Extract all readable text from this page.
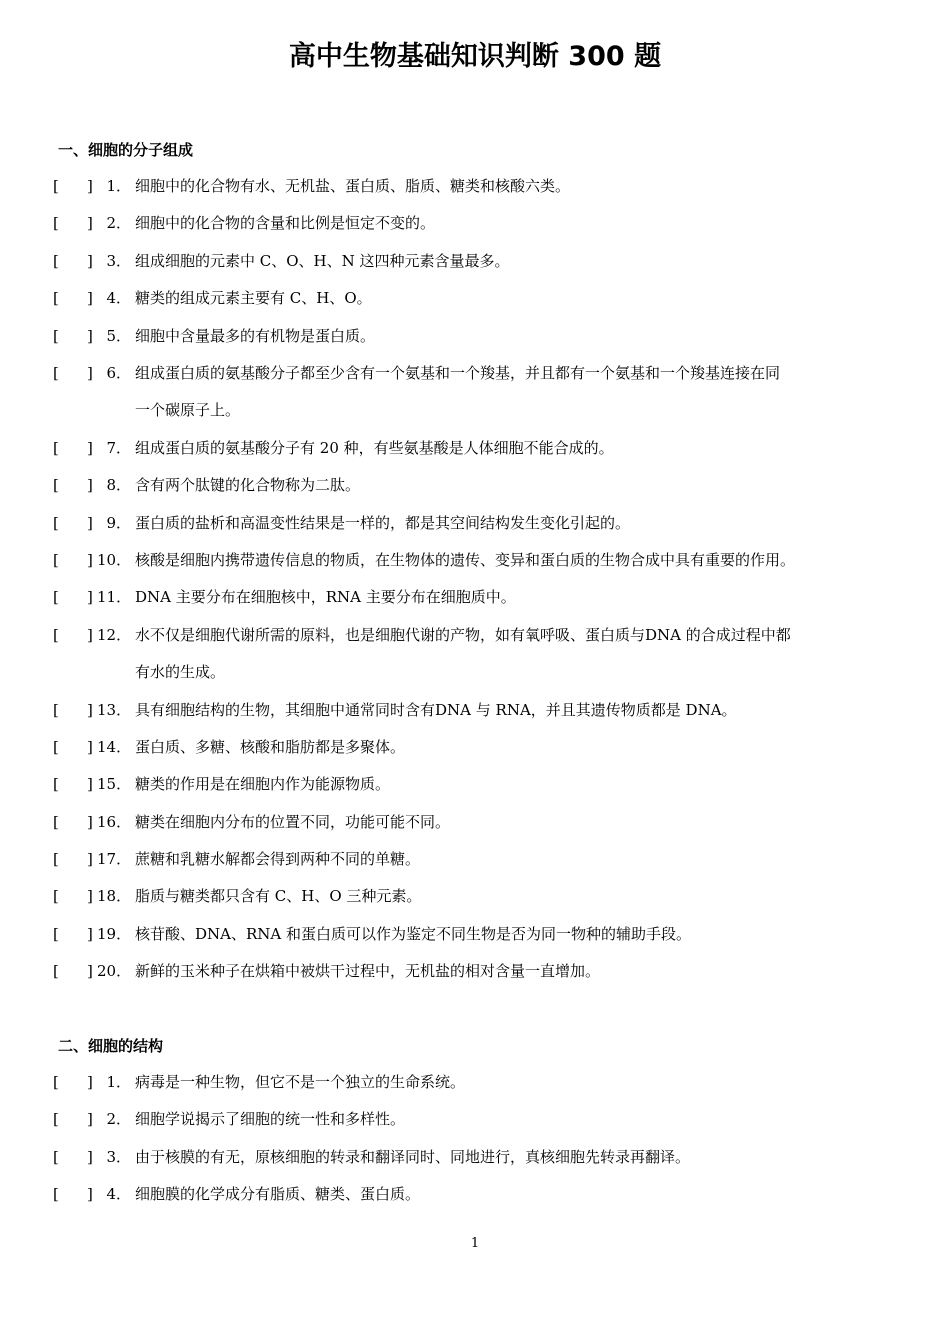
高中生物基础知识判断 300 题
一、细胞的分子组成
[ ] 1． 细胞中的化合物有水、无机盐、蛋白质、脂质、糖类和核酸六类。
[ ] 2． 细胞中的化合物的含量和比例是恒定不变的。
[ ] 3． 组成细胞的元素中 C、O、H、N 这四种元素含量最多。
[ ] 4． 糖类的组成元素主要有 C、H、O。
[ ] 5． 细胞中含量最多的有机物是蛋白质。
[ ] 6． 组成蛋白质的氨基酸分子都至少含有一个氨基和一个羧基，并且都有一个氨基和一个羧基连接在同
一个碳原子上。
[ ] 7． 组成蛋白质的氨基酸分子有 20 种，有些氨基酸是人体细胞不能合成的。
[ ] 8． 含有两个肽键的化合物称为二肽。
[ ] 9． 蛋白质的盐析和高温变性结果是一样的，都是其空间结构发生变化引起的。
[ ] 10． 核酸是细胞内携带遗传信息的物质，在生物体的遗传、变异和蛋白质的生物合成中具有重要的作用。
[ ] 11． DNA 主要分布在细胞核中，RNA 主要分布在细胞质中。
[ ] 12． 水不仅是细胞代谢所需的原料，也是细胞代谢的产物，如有氧呼吸、蛋白质与DNA 的合成过程中都
有水的生成。
[ ] 13． 具有细胞结构的生物，其细胞中通常同时含有DNA 与 RNA，并且其遗传物质都是 DNA。
[ ] 14． 蛋白质、多糖、核酸和脂肪都是多聚体。
[ ] 15． 糖类的作用是在细胞内作为能源物质。
[ ] 16． 糖类在细胞内分布的位置不同，功能可能不同。
[ ] 17． 蔗糖和乳糖水解都会得到两种不同的单糖。
[ ] 18． 脂质与糖类都只含有 C、H、O 三种元素。
[ ] 19． 核苷酸、DNA、RNA 和蛋白质可以作为鉴定不同生物是否为同一物种的辅助手段。
[ ] 20． 新鲜的玉米种子在烘箱中被烘干过程中，无机盐的相对含量一直增加。
二、细胞的结构
[ ] 1． 病毒是一种生物，但它不是一个独立的生命系统。
[ ] 2． 细胞学说揭示了细胞的统一性和多样性。
[ ] 3． 由于核膜的有无，原核细胞的转录和翻译同时、同地进行，真核细胞先转录再翻译。
[ ] 4． 细胞膜的化学成分有脂质、糖类、蛋白质。
1
